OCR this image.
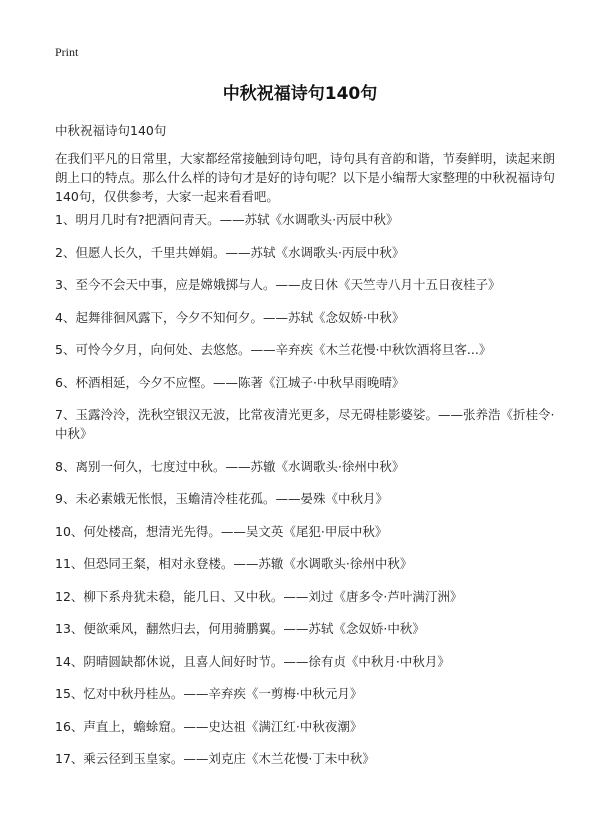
Print
中秋祝福诗句140句
中秋祝福诗句140句
在我们平凡的日常里，大家都经常接触到诗句吧，诗句具有音韵和谐，节奏鲜明，读起来朗朗上口的特点。那么什么样的诗句才是好的诗句呢？以下是小编帮大家整理的中秋祝福诗句140句，仅供参考，大家一起来看看吧。
1、明月几时有?把酒问青天。——苏轼《水调歌头·丙辰中秋》
2、但愿人长久，千里共婵娟。——苏轼《水调歌头·丙辰中秋》
3、至今不会天中事，应是嫦娥掷与人。——皮日休《天竺寺八月十五日夜桂子》
4、起舞徘徊风露下，今夕不知何夕。——苏轼《念奴娇·中秋》
5、可怜今夕月，向何处、去悠悠。——辛弃疾《木兰花慢·中秋饮酒将旦客...》
6、杯酒相延，今夕不应慳。——陈著《江城子·中秋早雨晚晴》
7、玉露泠泠，洗秋空银汉无波，比常夜清光更多，尽无碍桂影婆娑。——张养浩《折桂令·中秋》
8、离别一何久，七度过中秋。——苏辙《水调歌头·徐州中秋》
9、未必素娥无怅恨，玉蟾清冷桂花孤。——晏殊《中秋月》
10、何处楼高，想清光先得。——吴文英《尾犯·甲辰中秋》
11、但恐同王粲，相对永登楼。——苏辙《水调歌头·徐州中秋》
12、柳下系舟犹未稳，能几日、又中秋。——刘过《唐多令·芦叶满汀洲》
13、便欲乘风，翻然归去，何用骑鹏翼。——苏轼《念奴娇·中秋》
14、阴晴圆缺都休说，且喜人间好时节。——徐有贞《中秋月·中秋月》
15、忆对中秋丹桂丛。——辛弃疾《一剪梅·中秋元月》
16、声直上，蟾蜍窟。——史达祖《满江红·中秋夜潮》
17、乘云径到玉皇家。——刘克庄《木兰花慢·丁未中秋》
